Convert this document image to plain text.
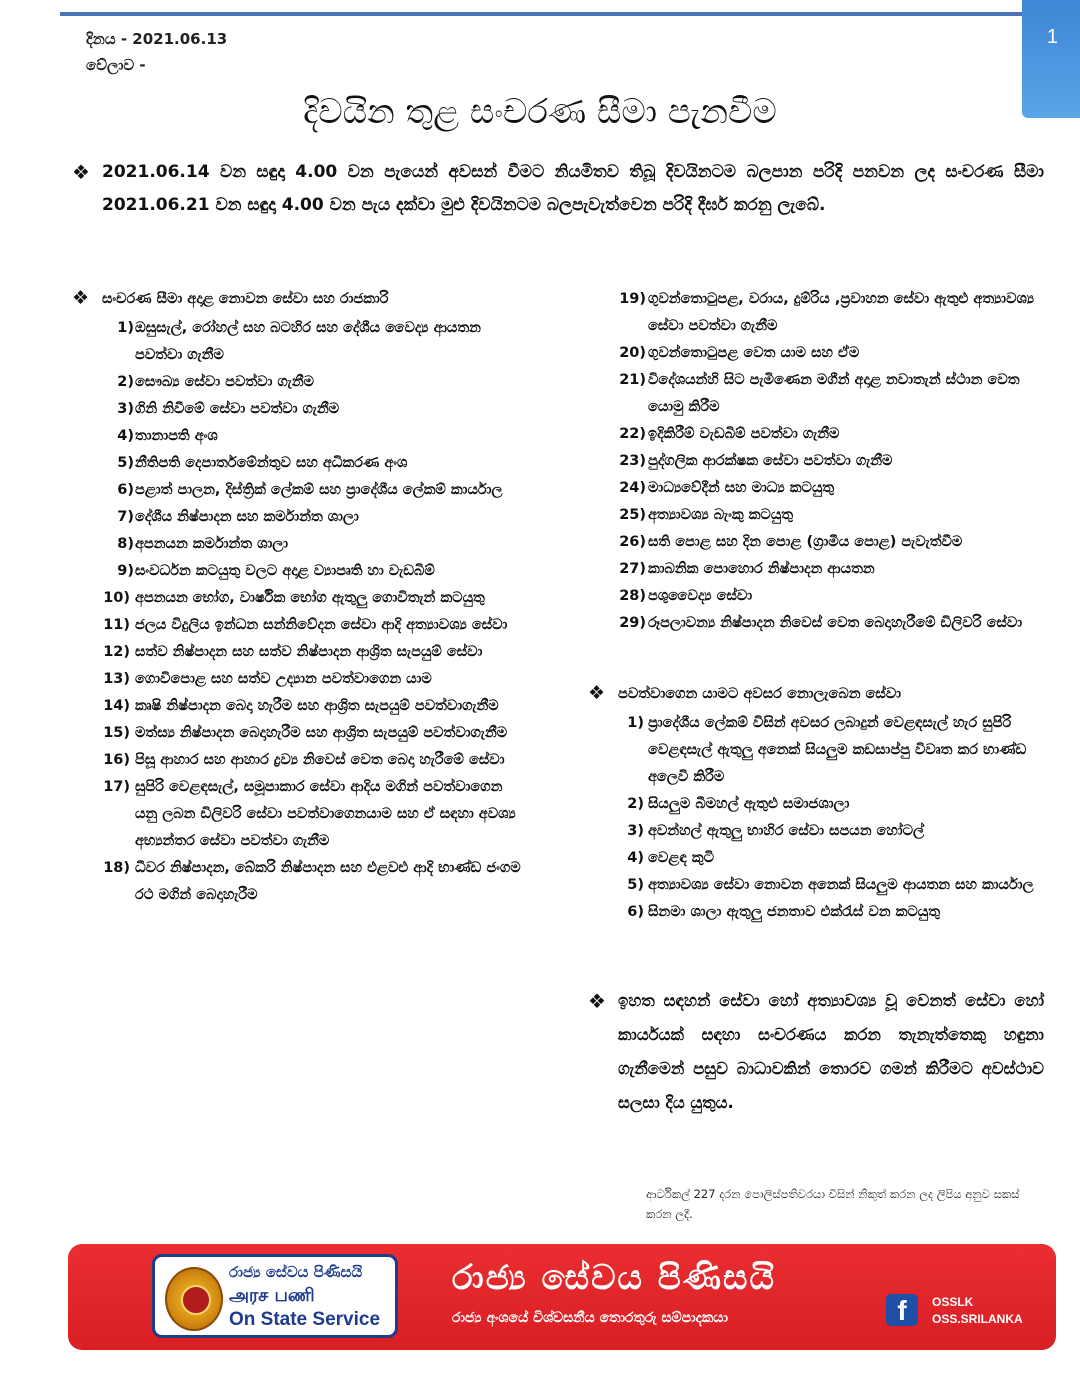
1
දිනය - 2021.06.13
වේලාව -
දිවයින තුළ සංචරණ සීමා පැනවීම
❖ 2021.06.14 වන සඳුදා 4.00 වන පැයෙන් අවසන් වීමට නියමිතව තිබූ දිවයිනටම බලපාන පරිදි පනවන ලද සංචරණ සීමා 2021.06.21 වන සඳුදා 4.00 වන පැය දක්වා මුළු දිවයිනටම බලපැවැත්වෙන පරිදි දීර්ඝ කරනු ලැබේ.
❖ සංචරණ සීමා අදාළ නොවන සේවා සහ රාජකාරි
1) ඔසුසැල්, රෝහල් සහ බටහිර සහ දේශීය වෛද්‍ය ආයතන පවත්වා ගැනීම
2) සෞඛ්‍ය සේවා පවත්වා ගැනීම
3) ගිනි නිවීමේ සේවා පවත්වා ගැනීම
4) තානාපති අංශ
5) නීතිපති දෙපාර්තමේන්තුව සහ අධිකරණ අංශ
6) පළාත් පාලන, දිස්ත්‍රික් ලේකම් සහ ප්‍රාදේශීය ලේකම් කාර්යාල
7) දේශීය නිෂ්පාදන සහ කර්මාන්ත ශාලා
8) අපනයන කර්මාන්ත ශාලා
9) සංවර්ධන කටයුතු වලට අදාළ ව්‍යාපෘති හා වැඩබිම්
10) අපනයන භෝග, වාර්ෂික භෝග ඇතුලු ගොවිතැන් කටයුතු
11) ජලය විදුලිය ඉන්ධන සන්නිවේදන සේවා ආදි අත්‍යාවශ්‍ය සේවා
12) සත්ව නිෂ්පාදන සහ සත්ව නිෂ්පාදන ආශ්‍රිත සැපයුම් සේවා
13) ගොවිපොළ සහ සත්ව උද්‍යාන පවත්වාගෙන යාම
14) කෘෂි නිෂ්පාදන බෙදා හැරීම සහ ආශ්‍රිත සැපයුම් පවත්වාගැනීම
15) මත්ස්‍ය නිෂ්පාදන බෙදාහැරීම සහ ආශ්‍රිත සැපයුම් පවත්වාගැනීම
16) පිසූ ආහාර සහ ආහාර ද්‍රව්‍ය නිවෙස් වෙත බෙදා හැරීමේ සේවා
17) සුපිරි වෙළඳසැල්, සමූපාකාර සේවා ආදිය මගින් පවත්වාගෙන යනු ලබන ඩිලිවරි සේවා පවත්වාගෙනයාම සහ ඒ සඳහා අවශ්‍ය අභ්‍යන්තර සේවා පවත්වා ගැනීම
18) ධීවර නිෂ්පාදන, බේකරි නිෂ්පාදන සහ එළවළු ආදි භාණ්ඩ ජංගම රථ මගින් බෙදාහැරීම
19) ගුවන්තොටුපළ, වරාය, දුම්රිය ,ප්‍රවාහන සේවා ඇතුළු අත්‍යාවශ්‍ය සේවා පවත්වා ගැනීම
20) ගුවන්තොටුපළ වෙත යාම සහ ඒම
21) විදේශයන්හි සිට පැමිණෙන මගීන් අදාළ නවාතැන් ස්ථාන වෙත යොමු කිරීම
22) ඉදිකිරීම් වැඩබිම් පවත්වා ගැනීම
23) පුද්ගලික ආරක්ෂක සේවා පවත්වා ගැනීම
24) මාධ්‍යවේදීන් සහ මාධ්‍ය කටයුතු
25) අත්‍යාවශ්‍ය බැංකු කටයුතු
26) සති පොළ සහ දින පොළ (ග්‍රාමීය පොළ) පැවැත්වීම
27) කාබනික පොහොර නිෂ්පාදන ආයතන
28) පශුවෛද්‍ය සේවා
29) රූපලාවන්‍ය නිෂ්පාදන නිවෙස් වෙත බෙදාහැරීමේ ඩිලිවරි සේවා
❖ පවත්වාගෙන යාමට අවසර නොලැබෙන සේවා
1) ප්‍රාදේශීය ලේකම් විසින් අවසර ලබාදුන් වෙළඳසැල් හැර සුපිරි වෙළඳසැල් ඇතුලු අනෙක් සියලුම කඩසාප්පු විවෘත කර භාණ්ඩ අලෙවි කිරීම
2) සියලුම බීමහල් ඇතුළු සමාජශාලා
3) අවන්හල් ඇතුලු භාහිර සේවා සපයන හෝටල්
4) වෙළඳ කුටි
5) අත්‍යාවශ්‍ය සේවා නොවන අනෙක් සියලුම ආයතන සහ කාර්යාල
6) සිනමා ශාලා ඇතුලු ජනතාව එක්රැස් වන කටයුතු
❖ ඉහත සඳහන් සේවා හෝ අත්‍යාවශ්‍ය වූ වෙනත් සේවා හෝ කාර්යයක් සඳහා සංචරණය කරන තැනැත්තෙකු හඳුනා ගැනීමෙන් පසුව බාධාවකින් තොරව ගමන් කිරීමට අවස්ථාව සලසා දිය යුතුය.
ආර්ටිකල් 227 දරන පොලිස්පතිවරයා විසින් නිකුත් කරන ලද ලිපිය අනුව සකස් කරන ලදී.
රාජ්‍ය සේවය පිණිසයි
அரச பணி
On State Service
රාජ්‍ය සේවය පිණිසයි
රාජ්‍ය අංශයේ විශ්වසනීය තොරතුරු සම්පාදකයා	f	OSSLK
OSS.SRILANKA
